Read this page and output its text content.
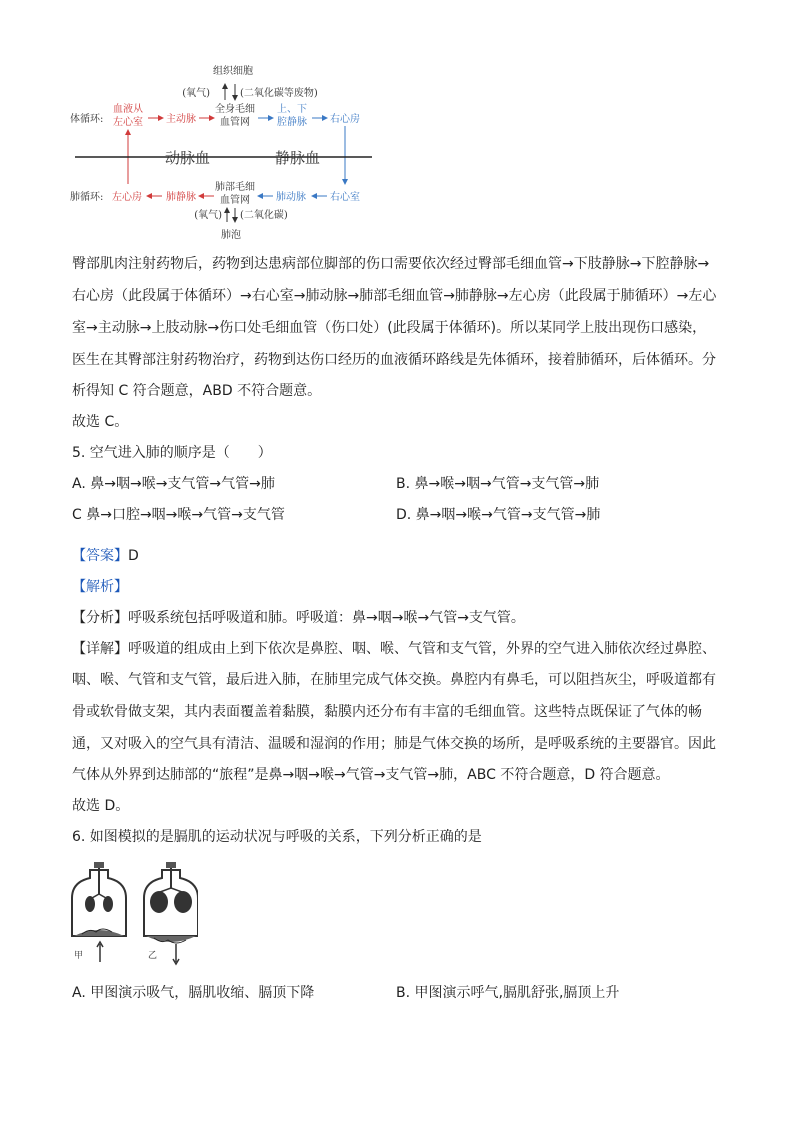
组织细胞
(氧气)	(二氧化碳等废物)
体循环:
血液从
左心室 主动脉
全身毛细
血管网
上、下
腔静脉 右心房
动脉血	静脉血
肺循环: 左心房 肺静脉
肺部毛细
血管网	肺动脉 右心室
(氧气) (二氧化碳)
肺泡
臀部肌肉注射药物后，药物到达患病部位脚部的伤口需要依次经过臀部毛细血管→下肢静脉→下腔静脉→
右心房（此段属于体循环）→右心室→肺动脉→肺部毛细血管→肺静脉→左心房（此段属于肺循环）→左心
室→主动脉→上肢动脉→伤口处毛细血管（伤口处）(此段属于体循环)。所以某同学上肢出现伤口感染，
医生在其臀部注射药物治疗，药物到达伤口经历的血液循环路线是先体循环，接着肺循环，后体循环。分
析得知 C 符合题意，ABD 不符合题意。
故选 C。
5. 空气进入肺的顺序是（　　）
A. 鼻→咽→喉→支气管→气管→肺	B. 鼻→喉→咽→气管→支气管→肺
C 鼻→口腔→咽→喉→气管→支气管	D. 鼻→咽→喉→气管→支气管→肺
【答案】D
【解析】
【分析】呼吸系统包括呼吸道和肺。呼吸道：鼻→咽→喉→气管→支气管。
【详解】呼吸道的组成由上到下依次是鼻腔、咽、喉、气管和支气管，外界的空气进入肺依次经过鼻腔、
咽、喉、气管和支气管，最后进入肺，在肺里完成气体交换。鼻腔内有鼻毛，可以阻挡灰尘，呼吸道都有
骨或软骨做支架，其内表面覆盖着黏膜，黏膜内还分布有丰富的毛细血管。这些特点既保证了气体的畅
通，又对吸入的空气具有清洁、温暖和湿润的作用；肺是气体交换的场所，是呼吸系统的主要器官。因此
气体从外界到达肺部的“旅程”是鼻→咽→喉→气管→支气管→肺，ABC 不符合题意，D 符合题意。
故选 D。
6. 如图模拟的是膈肌的运动状况与呼吸的关系，下列分析正确的是
甲	乙
A. 甲图演示吸气，膈肌收缩、膈顶下降	B. 甲图演示呼气,膈肌舒张,膈顶上升
